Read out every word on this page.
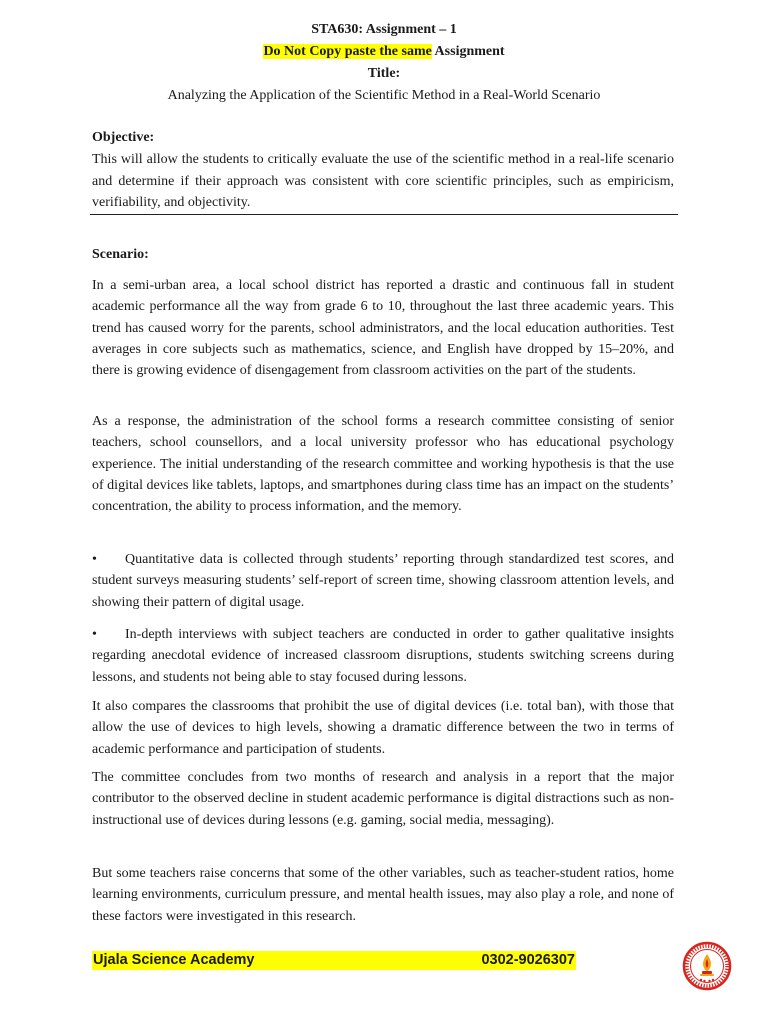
STA630: Assignment – 1
Do Not Copy paste the same Assignment
Title:
Analyzing the Application of the Scientific Method in a Real-World Scenario
Objective:
This will allow the students to critically evaluate the use of the scientific method in a real-life scenario and determine if their approach was consistent with core scientific principles, such as empiricism, verifiability, and objectivity.
Scenario:

In a semi-urban area, a local school district has reported a drastic and continuous fall in student academic performance all the way from grade 6 to 10, throughout the last three academic years. This trend has caused worry for the parents, school administrators, and the local education authorities. Test averages in core subjects such as mathematics, science, and English have dropped by 15–20%, and there is growing evidence of disengagement from classroom activities on the part of the students.

As a response, the administration of the school forms a research committee consisting of senior teachers, school counsellors, and a local university professor who has educational psychology experience. The initial understanding of the research committee and working hypothesis is that the use of digital devices like tablets, laptops, and smartphones during class time has an impact on the students’ concentration, the ability to process information, and the memory.

• Quantitative data is collected through students’ reporting through standardized test scores, and student surveys measuring students’ self-report of screen time, showing classroom attention levels, and showing their pattern of digital usage.

• In-depth interviews with subject teachers are conducted in order to gather qualitative insights regarding anecdotal evidence of increased classroom disruptions, students switching screens during lessons, and students not being able to stay focused during lessons.

It also compares the classrooms that prohibit the use of digital devices (i.e. total ban), with those that allow the use of devices to high levels, showing a dramatic difference between the two in terms of academic performance and participation of students.

The committee concludes from two months of research and analysis in a report that the major contributor to the observed decline in student academic performance is digital distractions such as non-instructional use of devices during lessons (e.g. gaming, social media, messaging).

But some teachers raise concerns that some of the other variables, such as teacher-student ratios, home learning environments, curriculum pressure, and mental health issues, may also play a role, and none of these factors were investigated in this research.

Ujala Science Academy	0302-9026307
